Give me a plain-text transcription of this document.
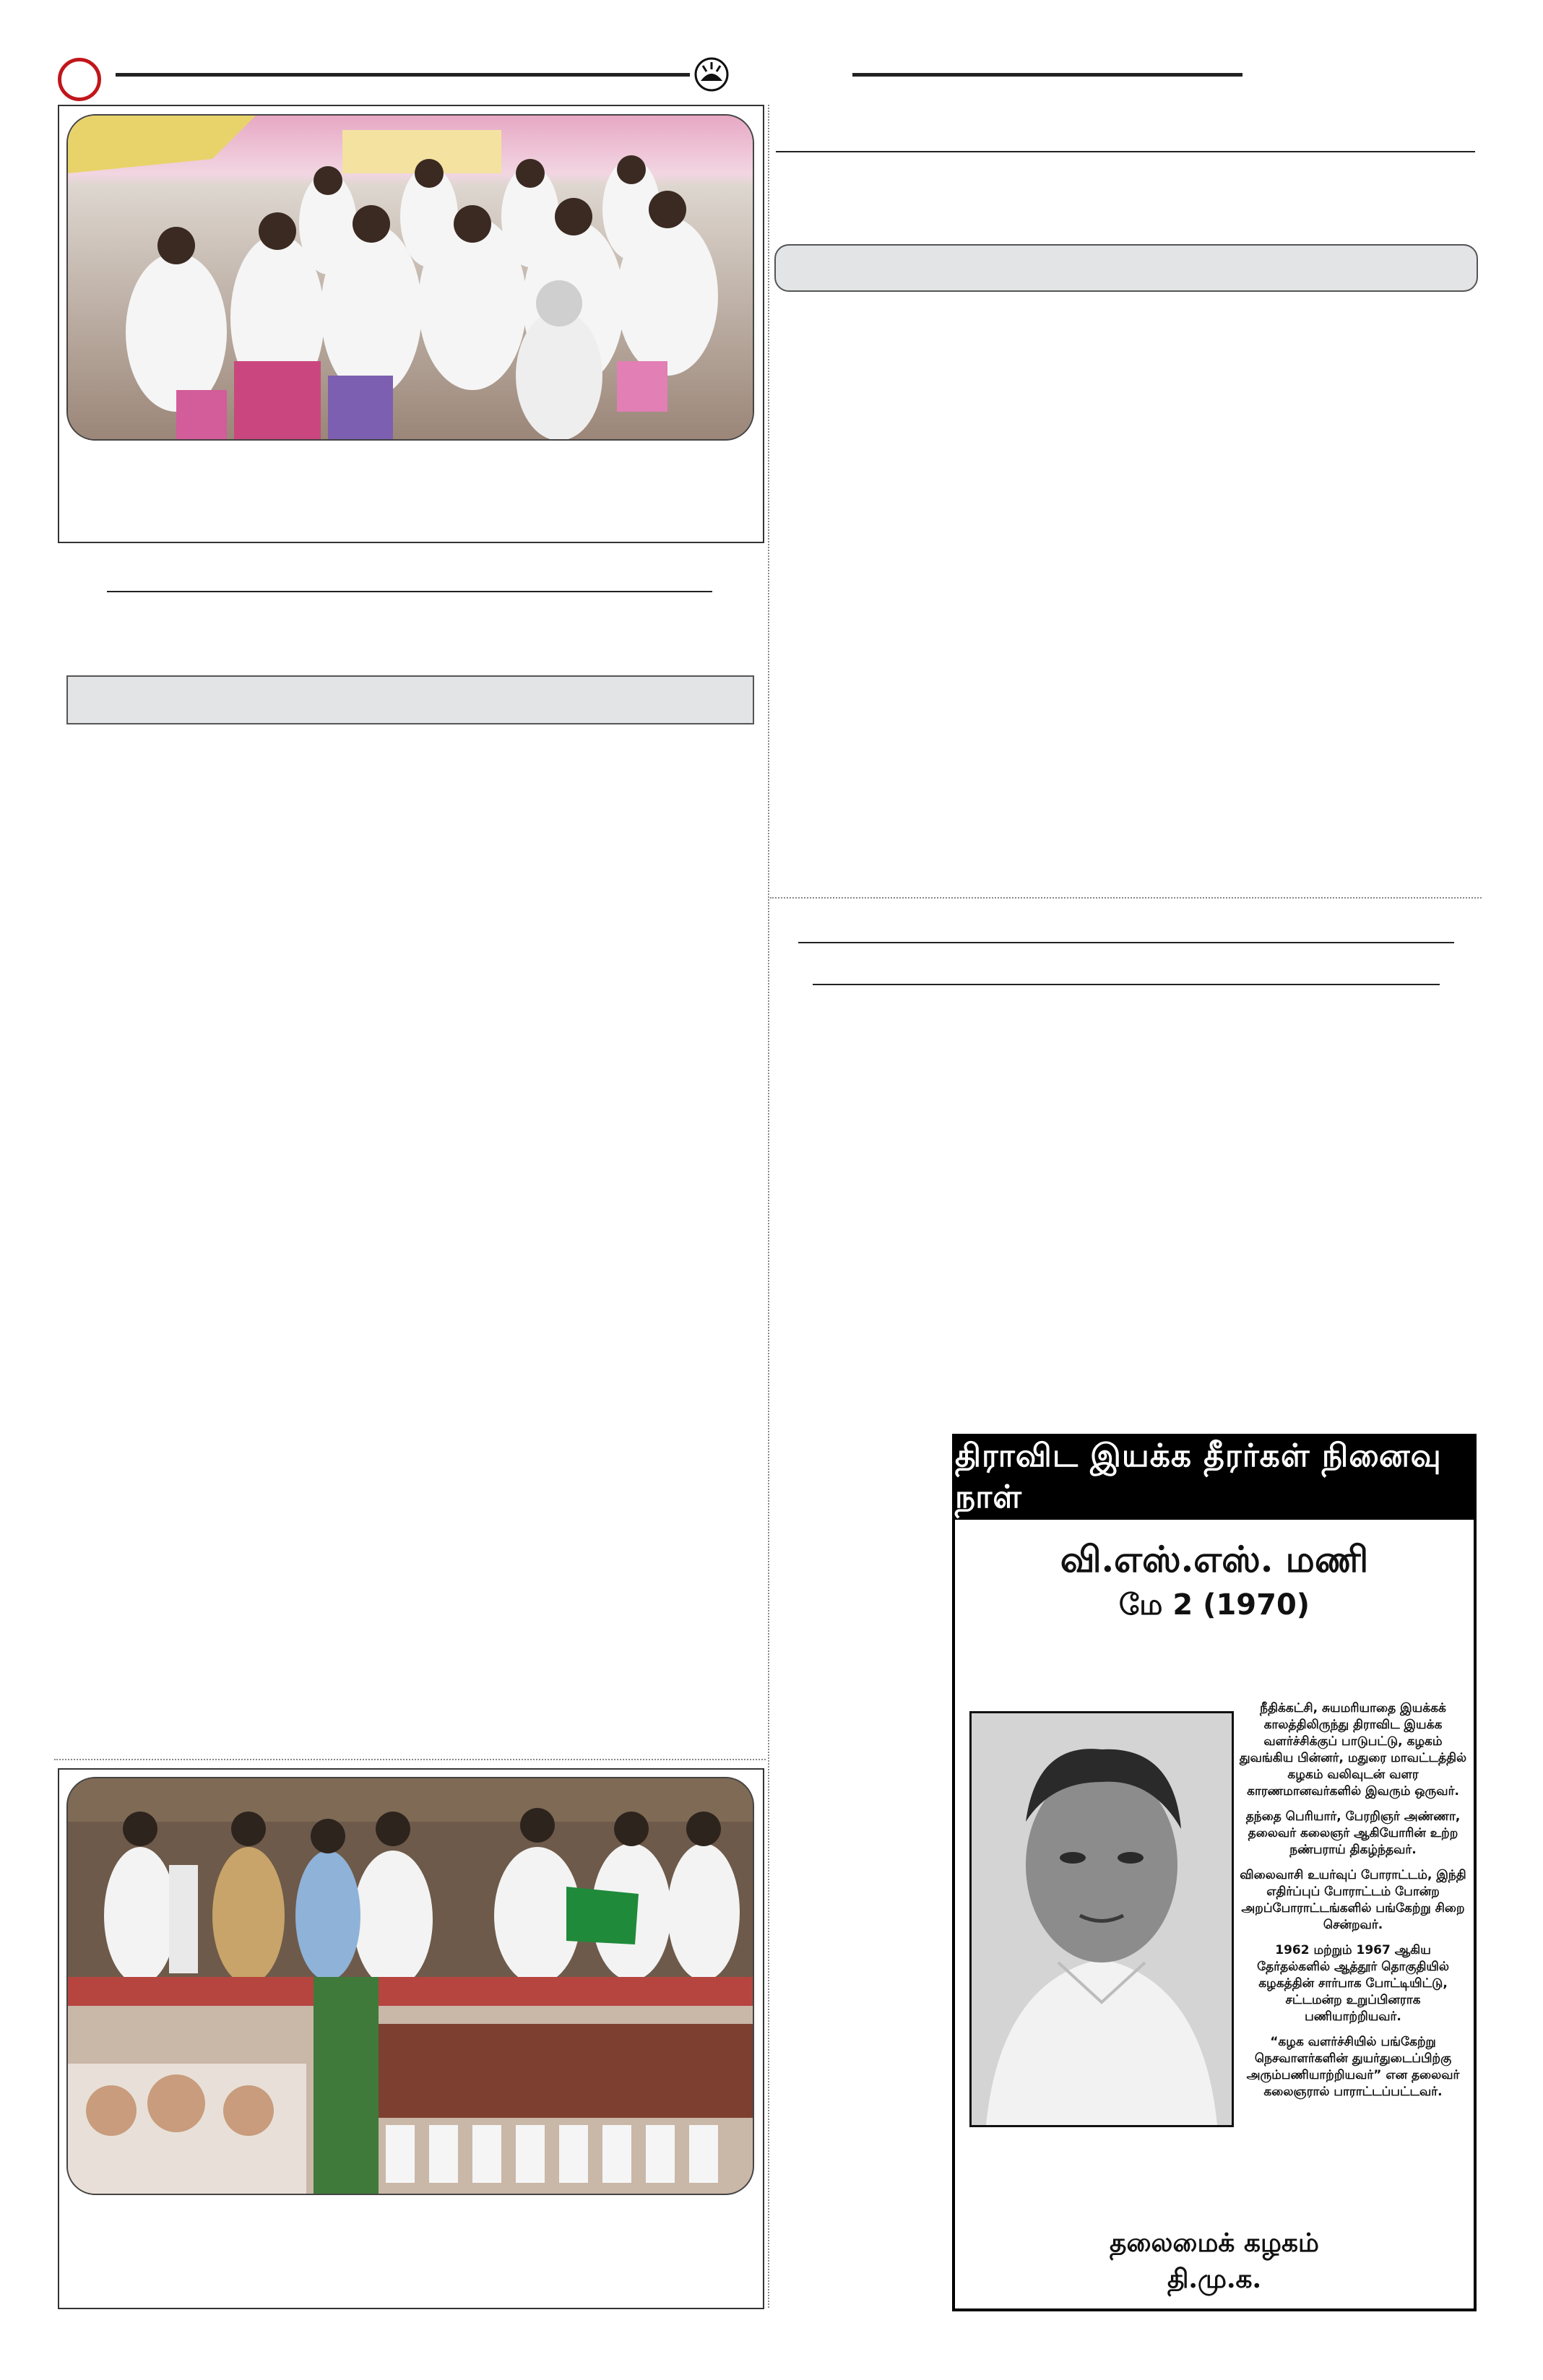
திராவிட இயக்க தீரர்கள் நினைவு நாள்
வி.எஸ்.எஸ். மணி
மே 2 (1970)

நீதிக்கட்சி, சுயமரியாதை இயக்கக் காலத்திலிருந்து திராவிட இயக்க வளர்ச்சிக்குப் பாடுபட்டு, கழகம் துவங்கிய பின்னர், மதுரை மாவட்டத்தில் கழகம் வலிவுடன் வளர காரணமானவர்களில் இவரும் ஒருவர்.

தந்தை பெரியார், பேரறிஞர் அண்ணா, தலைவர் கலைஞர் ஆகியோரின் உற்ற நண்பராய் திகழ்ந்தவர்.

விலைவாசி உயர்வுப் போராட்டம், இந்தி எதிர்ப்புப் போராட்டம் போன்ற அறப்போராட்டங்களில் பங்கேற்று சிறை சென்றவர்.

1962 மற்றும் 1967 ஆகிய தேர்தல்களில் ஆத்தூர் தொகுதியில் கழகத்தின் சார்பாக போட்டியிட்டு, சட்டமன்ற உறுப்பினராக பணியாற்றியவர்.

“கழக வளர்ச்சியில் பங்கேற்று நெசவாளர்களின் துயர்துடைப்பிற்கு அரும்பணியாற்றியவர்” என தலைவர் கலைஞரால் பாராட்டப்பட்டவர்.

தலைமைக் கழகம்
தி.மு.க.
